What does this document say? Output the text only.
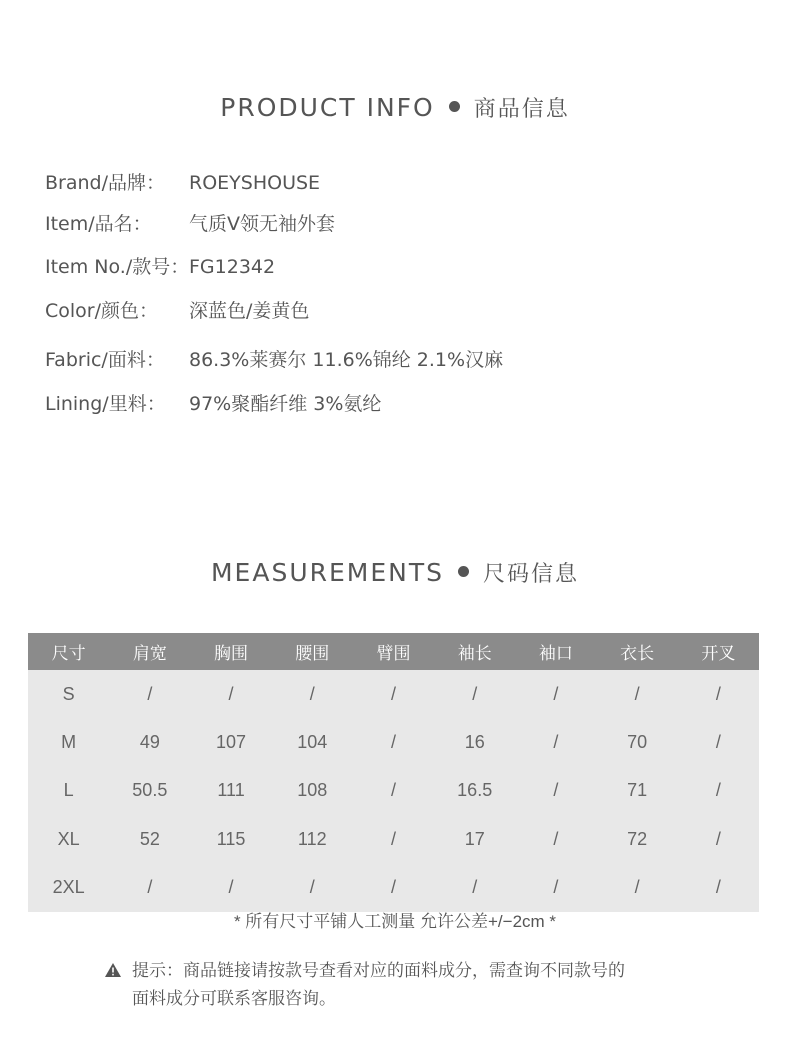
PRODUCT INFO 商品信息
Brand/品牌： ROEYSHOUSE
Item/品名： 气质V领无袖外套
Item No./款号：FG12342
Color/颜色： 深蓝色/姜黄色
Fabric/面料： 86.3%莱赛尔 11.6%锦纶 2.1%汉麻
Lining/里料： 97%聚酯纤维 3%氨纶
MEASUREMENTS 尺码信息
尺寸	肩宽	胸围	腰围	臂围	袖长	袖口	衣长	开叉
S	/	/	/	/	/	/	/	/
M	49	107	104	/	16	/	70	/
L	50.5	111	108	/	16.5	/	71	/
XL	52	115	112	/	17	/	72	/
2XL	/	/	/	/	/	/	/	/
* 所有尺寸平铺人工测量 允许公差+/−2cm *
提示：商品链接请按款号查看对应的面料成分，需查询不同款号的
面料成分可联系客服咨询。
